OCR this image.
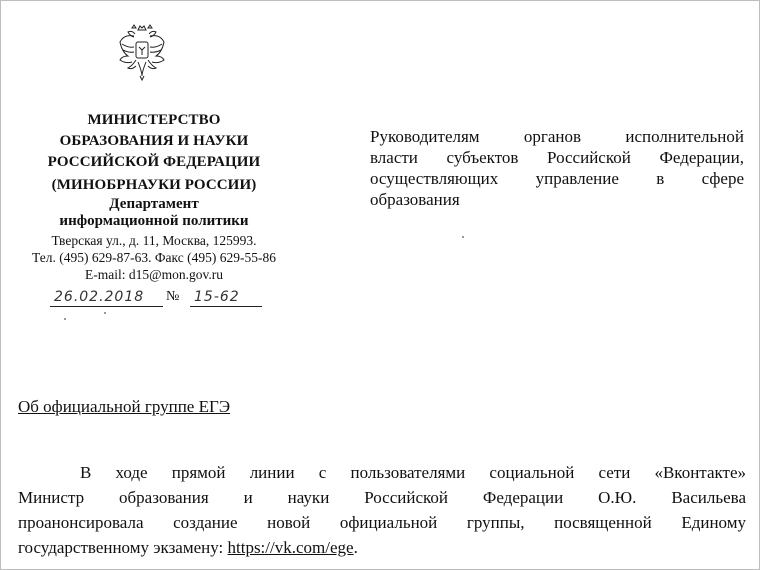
МИНИСТЕРСТВО
ОБРАЗОВАНИЯ И НАУКИ
РОССИЙСКОЙ ФЕДЕРАЦИИ
(МИНОБРНАУКИ РОССИИ)
Департамент
информационной политики
Тверская ул., д. 11, Москва, 125993.
Тел. (495) 629-87-63. Факс (495) 629-55-86
E-mail: d15@mon.gov.ru
26.02.2018	№ 15-62
Руководителям органов исполнительной
власти субъектов Российской Федерации,
осуществляющих управление в сфере
образования
Об официальной группе ЕГЭ
В ходе прямой линии с пользователями социальной сети «Вконтакте»
Министр образования и науки Российской Федерации О.Ю. Васильева
проанонсировала создание новой официальной группы, посвященной Единому
государственному экзамену: https://vk.com/ege.
